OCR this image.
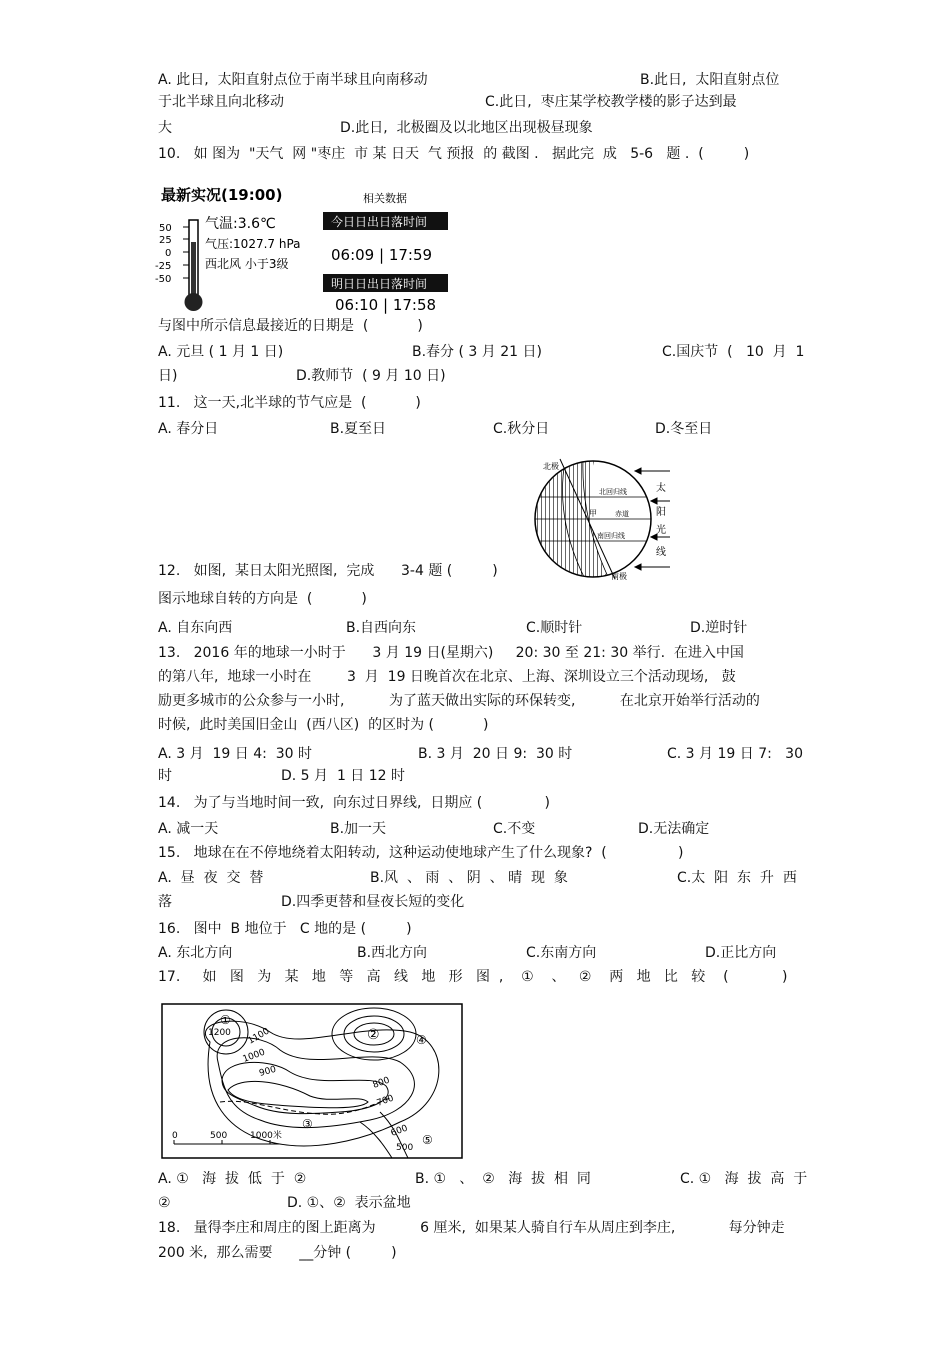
A. 此日,  太阳直射点位于南半球且向南移动	B.此日,  太阳直射点位
于北半球且向北移动	C.此日,  枣庄某学校教学楼的影子达到最
大	D.此日,  北极圈及以北地区出现极昼现象
10.   如 图为  "天气  网 "枣庄  市 某 日天  气 预报  的 截图 .   据此完  成   5-6   题 .  (         )
与图中所示信息最接近的日期是  (           )
A. 元旦 ( 1 月 1 日)	B.春分 ( 3 月 21 日)	C.国庆节  (   10  月  1
日)	D.教师节  ( 9 月 10 日)
11.   这一天,北半球的节气应是  (           )
A. 春分日	B.夏至日	C.秋分日	D.冬至日
12.   如图,  某日太阳光照图,  完成      3-4 题 (         )
图示地球自转的方向是  (           )
A. 自东向西	B.自西向东	C.顺时针	D.逆时针
13.   2016 年的地球一小时于      3 月 19 日(星期六)     20: 30 至 21: 30 举行.  在进入中国
的第八年,  地球一小时在        3  月  19 日晚首次在北京、上海、深圳设立三个活动现场,   鼓
励更多城市的公众参与一小时,          为了蓝天做出实际的环保转变,          在北京开始举行活动的
时候,  此时美国旧金山  (西八区)  的区时为 (           )
A. 3 月  19 日 4:  30 时	B. 3 月  20 日 9:  30 时	C. 3 月 19 日 7:   30
时	D. 5 月  1 日 12 时
14.   为了与当地时间一致,  向东过日界线,  日期应 (              )
A. 减一天	B.加一天	C.不变	D.无法确定
15.   地球在在不停地绕着太阳转动,  这种运动使地球产生了什么现象?  (                )
A.  昼  夜  交  替	B.风  、 雨  、 阴  、 晴  现  象	C.太  阳  东  升  西
落	D.四季更替和昼夜长短的变化
16.   图中  B 地位于   C 地的是 (         )
A. 东北方向	B.西北方向	C.东南方向	D.正比方向
17.     如   图   为   某   地   等   高   线   地   形   图  ,    ①    、   ②    两   地   比   较    (            )
A. ①   海  拔  低  于  ②	B. ①   、  ②   海  拔  相  同	C. ①   海  拔  高  于
②	D. ①、②  表示盆地
18.   量得李庄和周庄的图上距离为          6 厘米,  如果某人骑自行车从周庄到李庄,            每分钟走
200 米,  那么需要      __分钟 (         )
最新实况(19:00)
50
25
0
-25
-50
气温:3.6℃
气压:1027.7 hPa
西北风 小于3级
相关数据
今日日出日落时间
06:09 | 17:59
明日日出日落时间
06:10 | 17:58
北极
南极
北回归线
赤道
南回归线
甲
太
阳
光
线
1200 1100
1000
900
800
700
600
500
①
②
③
④
⑤
0	500	1000米
